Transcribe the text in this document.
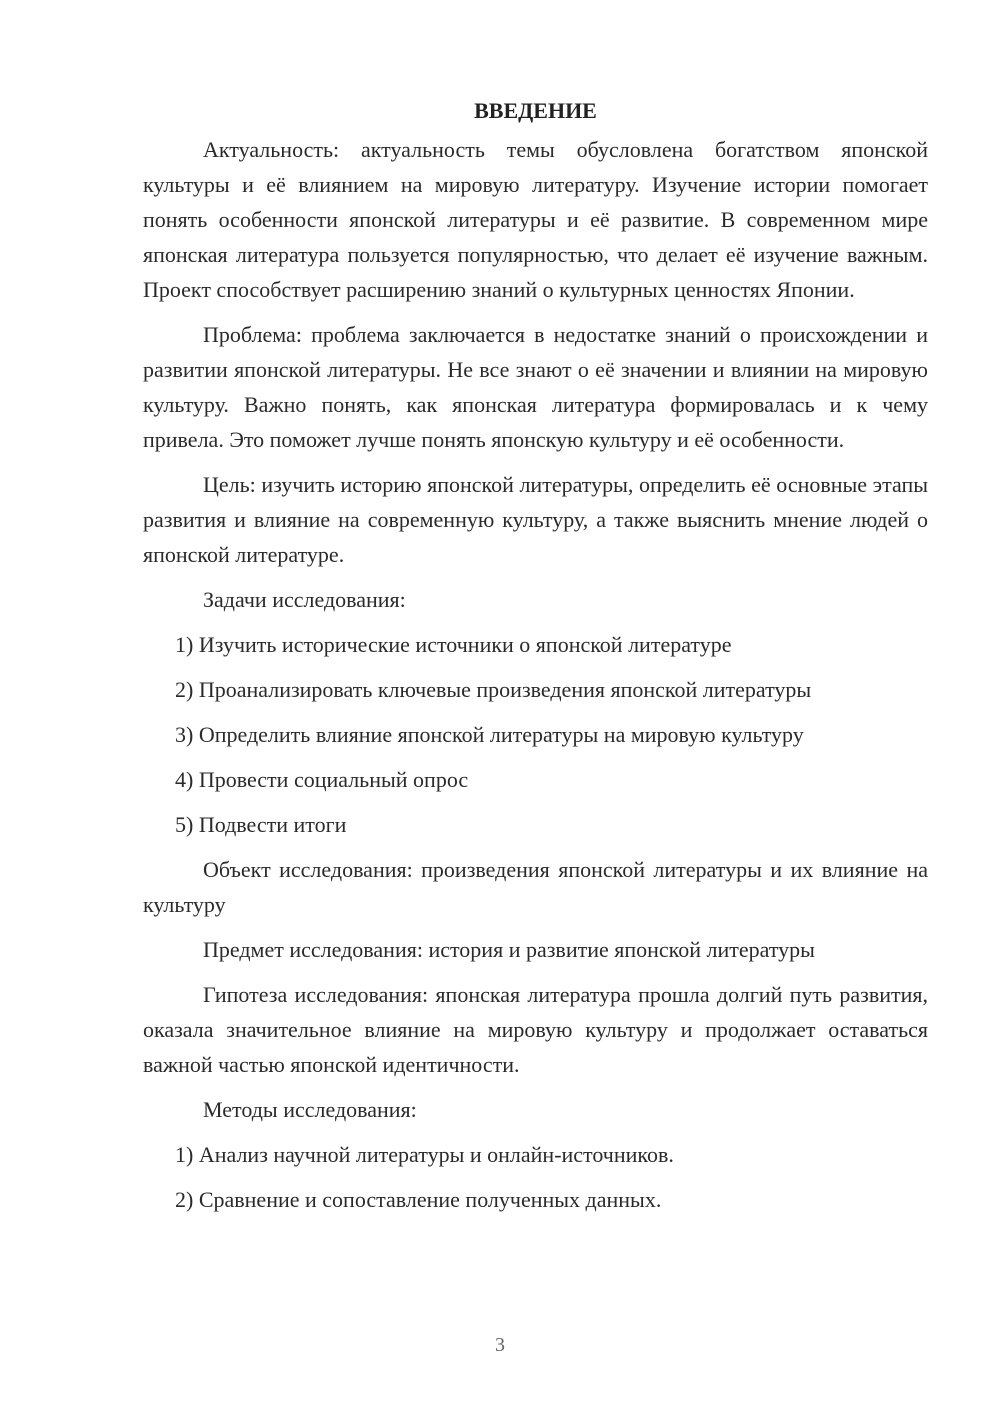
ВВЕДЕНИЕ

Актуальность: актуальность темы обусловлена богатством японской культуры и её влиянием на мировую литературу. Изучение истории помогает понять особенности японской литературы и её развитие. В современном мире японская литература пользуется популярностью, что делает её изучение важным. Проект способствует расширению знаний о культурных ценностях Японии.

Проблема: проблема заключается в недостатке знаний о происхождении и развитии японской литературы. Не все знают о её значении и влиянии на мировую культуру. Важно понять, как японская литература формировалась и к чему привела. Это поможет лучше понять японскую культуру и её особенности.

Цель: изучить историю японской литературы, определить её основные этапы развития и влияние на современную культуру, а также выяснить мнение людей о японской литературе.

Задачи исследования:

1) Изучить исторические источники о японской литературе
2) Проанализировать ключевые произведения японской литературы
3) Определить влияние японской литературы на мировую культуру
4) Провести социальный опрос
5) Подвести итоги

Объект исследования: произведения японской литературы и их влияние на культуру

Предмет исследования: история и развитие японской литературы

Гипотеза исследования: японская литература прошла долгий путь развития, оказала значительное влияние на мировую культуру и продолжает оставаться важной частью японской идентичности.

Методы исследования:

1) Анализ научной литературы и онлайн-источников.
2) Сравнение и сопоставление полученных данных.
3
